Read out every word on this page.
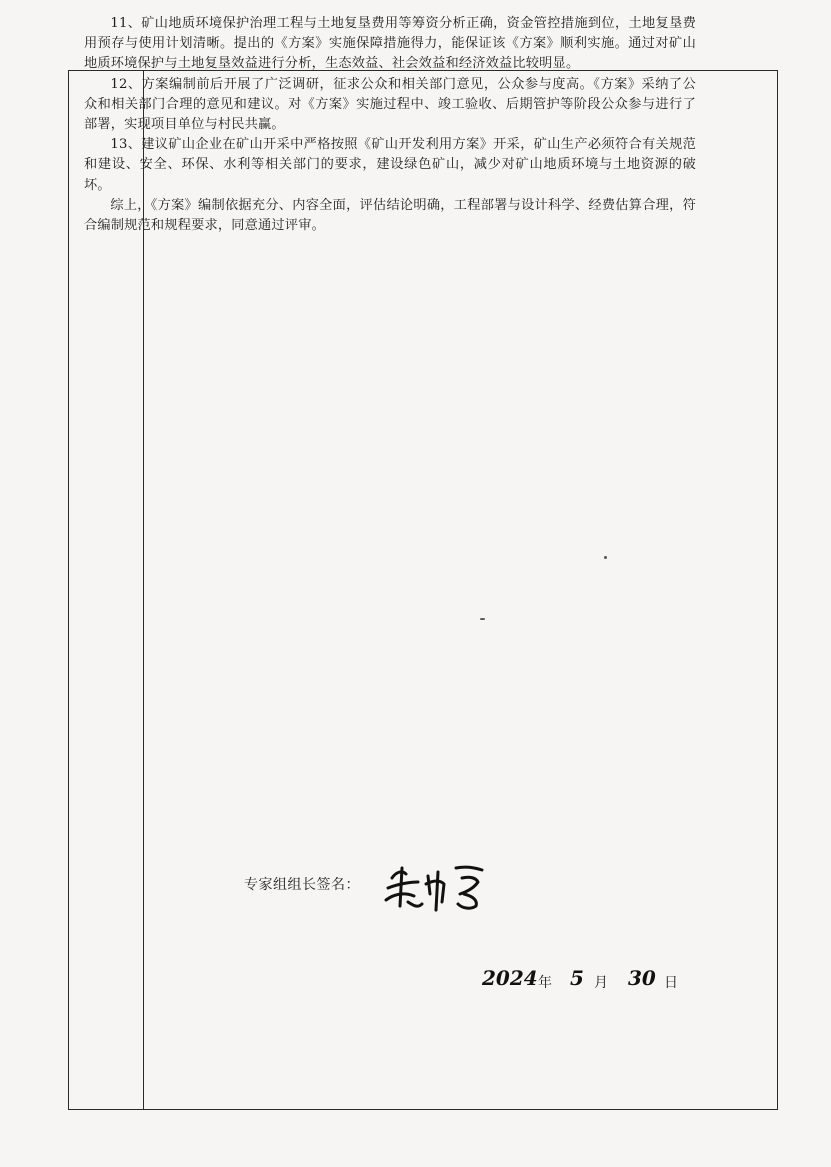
11、矿山地质环境保护治理工程与土地复垦费用等筹资分析正确，资金管控措施到位，土地复垦费用预存与使用计划清晰。提出的《方案》实施保障措施得力，能保证该《方案》顺利实施。通过对矿山地质环境保护与土地复垦效益进行分析，生态效益、社会效益和经济效益比较明显。

12、方案编制前后开展了广泛调研，征求公众和相关部门意见，公众参与度高。《方案》采纳了公众和相关部门合理的意见和建议。对《方案》实施过程中、竣工验收、后期管护等阶段公众参与进行了部署，实现项目单位与村民共赢。

13、建议矿山企业在矿山开采中严格按照《矿山开发利用方案》开采，矿山生产必须符合有关规范和建设、安全、环保、水利等相关部门的要求，建设绿色矿山，减少对矿山地质环境与土地资源的破坏。

综上，《方案》编制依据充分、内容全面，评估结论明确，工程部署与设计科学、经费估算合理，符合编制规范和规程要求，同意通过评审。

专家组组长签名：
2024 年 5 月 30 日
